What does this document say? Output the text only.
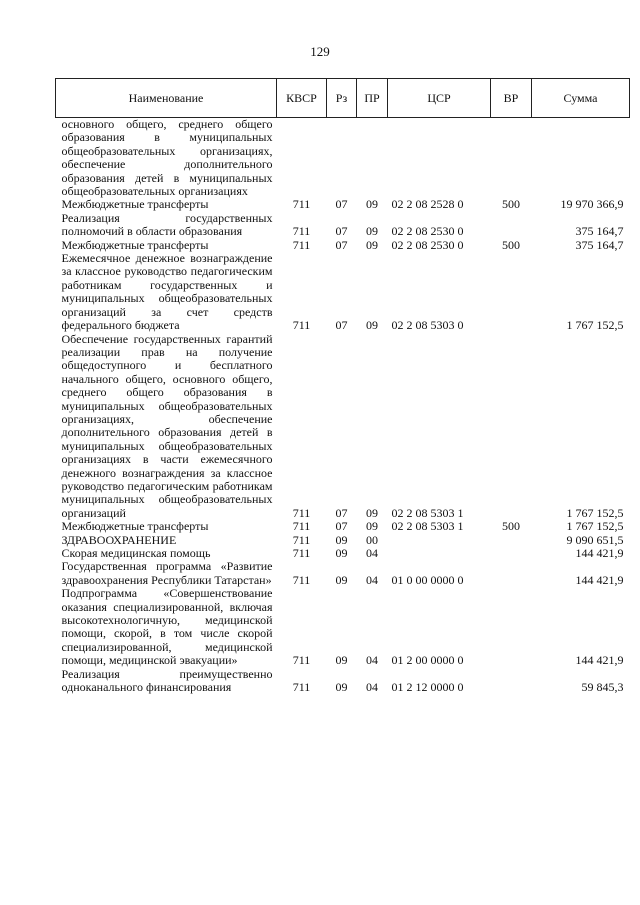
129
Наименование	КВСР	Рз	ПР	ЦСР	ВР	Сумма
основного общего, среднего общего образования в муниципальных общеобразовательных организациях, обеспечение дополнительного образования детей в муниципальных общеобразовательных организациях						
Межбюджетные трансферты	711	07	09	02 2 08 2528 0	500	19 970 366,9
Реализация государственных полномочий в области образования	711	07	09	02 2 08 2530 0		375 164,7
Межбюджетные трансферты	711	07	09	02 2 08 2530 0	500	375 164,7
Ежемесячное денежное вознаграждение за классное руководство педагогическим работникам государственных и муниципальных общеобразовательных организаций за счет средств федерального бюджета	711	07	09	02 2 08 5303 0		1 767 152,5
Обеспечение государственных гарантий реализации прав на получение общедоступного и бесплатного начального общего, основного общего, среднего общего образования в муниципальных общеобразовательных организациях, обеспечение дополнительного образования детей в муниципальных общеобразовательных организациях в части ежемесячного денежного вознаграждения за классное руководство педагогическим работникам муниципальных общеобразовательных организаций	711	07	09	02 2 08 5303 1		1 767 152,5
Межбюджетные трансферты	711	07	09	02 2 08 5303 1	500	1 767 152,5
ЗДРАВООХРАНЕНИЕ	711	09	00			9 090 651,5
Скорая медицинская помощь	711	09	04			144 421,9
Государственная программа «Развитие здравоохранения Республики Татарстан»	711	09	04	01 0 00 0000 0		144 421,9
Подпрограмма «Совершенствование оказания специализированной, включая высокотехнологичную, медицинской помощи, скорой, в том числе скорой специализированной, медицинской помощи, медицинской эвакуации»	711	09	04	01 2 00 0000 0		144 421,9
Реализация преимущественно одноканального финансирования	711	09	04	01 2 12 0000 0		59 845,3
